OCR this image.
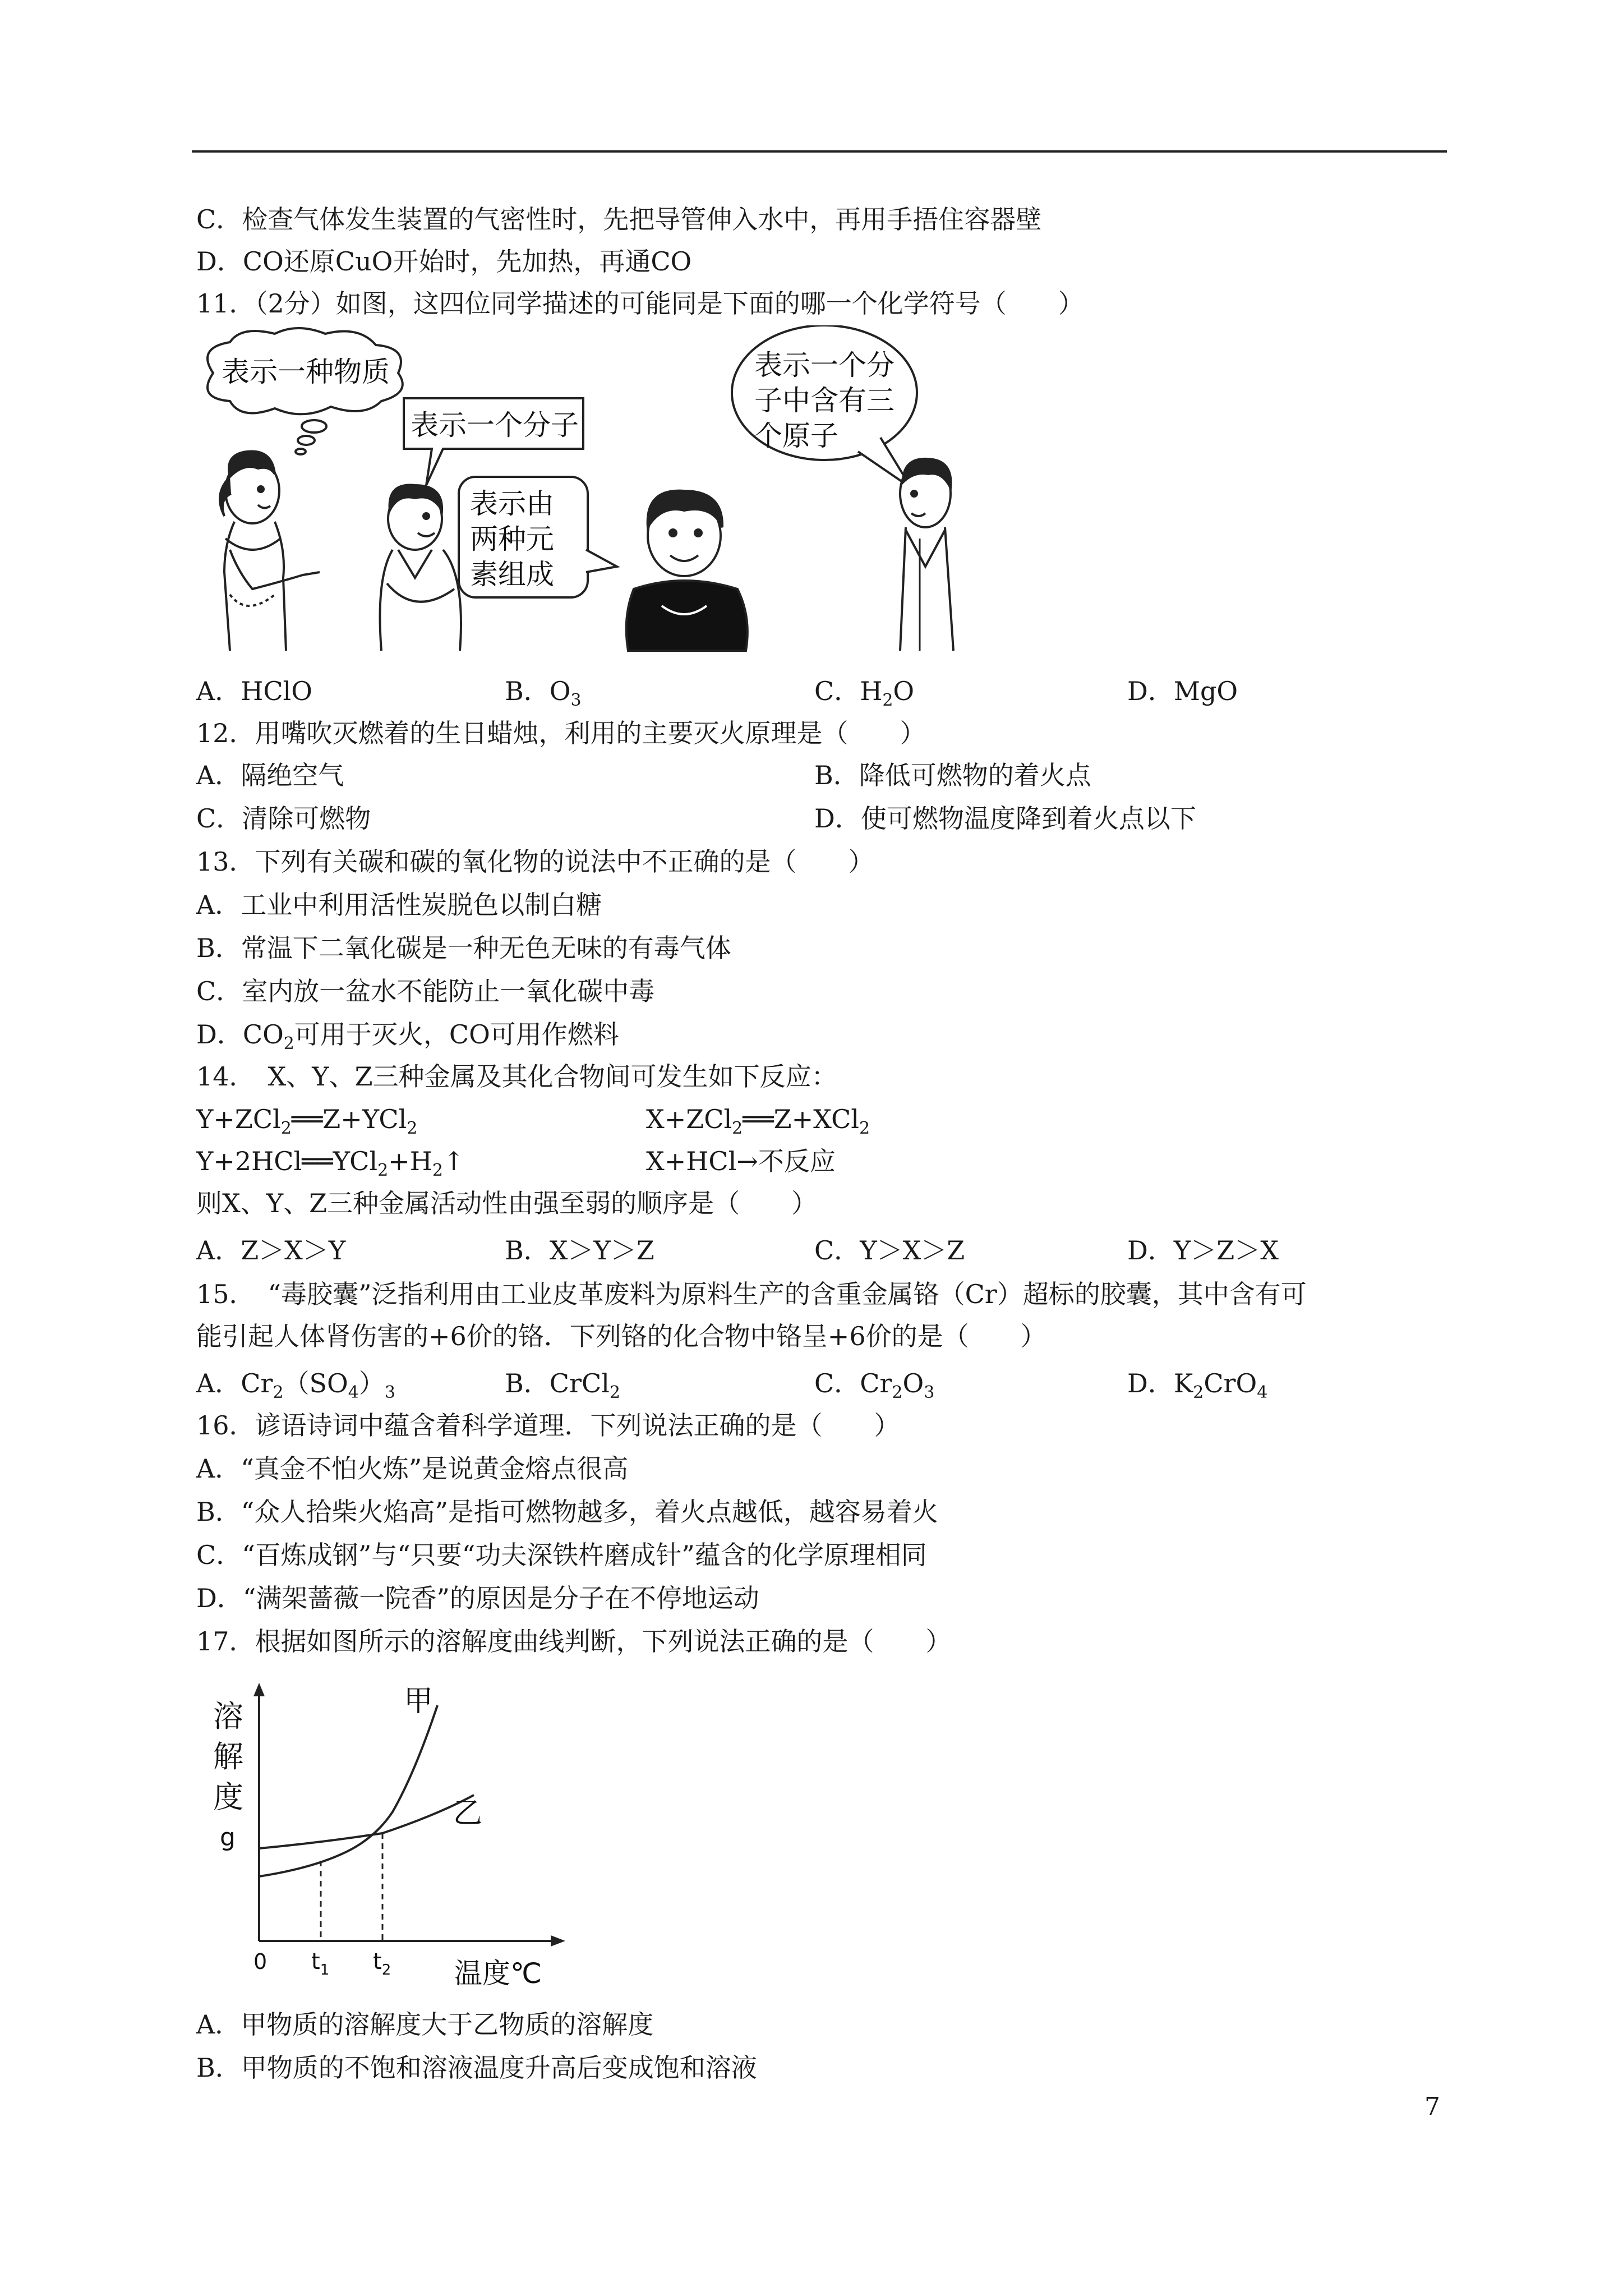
C．检查气体发生装置的气密性时，先把导管伸入水中，再用手捂住容器壁
D．CO还原CuO开始时，先加热，再通CO
11．（2分）如图，这四位同学描述的可能同是下面的哪一个化学符号（　　）
表示一种物质
表示一个分子
表示由
两种元
素组成
表示一个分
子中含有三
个原子
A．HClO	B．$O_3$	C．$H_2O$	D．MgO
12．用嘴吹灭燃着的生日蜡烛，利用的主要灭火原理是（　　）
A．隔绝空气	B．降低可燃物的着火点
C．清除可燃物	D．使可燃物温度降到着火点以下
13．下列有关碳和碳的氧化物的说法中不正确的是（　　）
A．工业中利用活性炭脱色以制白糖
B．常温下二氧化碳是一种无色无味的有毒气体
C．室内放一盆水不能防止一氧化碳中毒
D．$CO_2$可用于灭火，CO可用作燃料
14．　X、Y、Z三种金属及其化合物间可发生如下反应：
Y+ZCl$_2$══Z+YCl$_2$	X+ZCl$_2$══Z+XCl$_2$
$Y+2HCl══YCl_2+H_2↑$	X+HCl→不反应
则X、Y、Z三种金属活动性由强至弱的顺序是（　　）
A．Z＞X＞Y	B．X＞Y＞Z	C．Y＞X＞Z	D．Y＞Z＞X
15．　“毒胶囊”泛指利用由工业皮革废料为原料生产的含重金属铬（Cr）超标的胶囊，其中含有可
能引起人体肾伤害的+6价的铬．下列铬的化合物中铬呈+6价的是（　　）
A．$Cr_2(SO_4)_3$	B．CrCl$_2$	C．$Cr_2O_3$	D．$K_2CrO_4$
16．谚语诗词中蕴含着科学道理．下列说法正确的是（　　）
A．“真金不怕火炼”是说黄金熔点很高
B．“众人拾柴火焰高”是指可燃物越多，着火点越低，越容易着火
C．“百炼成钢”与“只要“功夫深铁杵磨成针”蕴含的化学原理相同
D．“满架蔷薇一院香”的原因是分子在不停地运动
17．根据如图所示的溶解度曲线判断，下列说法正确的是（　　）
溶
解
度
g
0 $t_1$ $t_2$ 温度℃
甲
乙
A．甲物质的溶解度大于乙物质的溶解度
B．甲物质的不饱和溶液温度升高后变成饱和溶液
7
